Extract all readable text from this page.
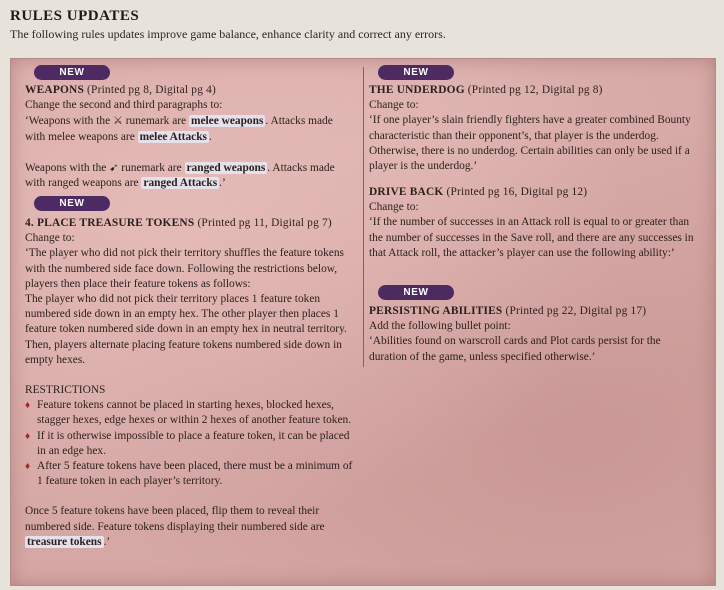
RULES UPDATES
The following rules updates improve game balance, enhance clarity and correct any errors.
NEW

WEAPONS (Printed pg 8, Digital pg 4)

Change the second and third paragraphs to:

‘Weapons with the ⚔ runemark are melee weapons . Attacks made with melee weapons are melee Attacks .

Weapons with the ➹ runemark are ranged weapons . Attacks made with ranged weapons are ranged Attacks .’

NEW

4. PLACE TREASURE TOKENS (Printed pg 11, Digital pg 7)

Change to:

‘The player who did not pick their territory shuffles the feature tokens with the numbered side face down. Following the restrictions below, players then place their feature tokens as follows:

The player who did not pick their territory places 1 feature token numbered side down in an empty hex. The other player then places 1 feature token numbered side down in an empty hex in neutral territory. Then, players alternate placing feature tokens numbered side down in empty hexes.

RESTRICTIONS

♦ Feature tokens cannot be placed in starting hexes, blocked hexes, stagger hexes, edge hexes or within 2 hexes of another feature token.
♦ If it is otherwise impossible to place a feature token, it can be placed in an edge hex.
♦ After 5 feature tokens have been placed, there must be a minimum of 1 feature token in each player’s territory.

Once 5 feature tokens have been placed, flip them to reveal their numbered side. Feature tokens displaying their numbered side are treasure tokens .’

NEW

THE UNDERDOG (Printed pg 12, Digital pg 8)

Change to:

‘If one player’s slain friendly fighters have a greater combined Bounty characteristic than their opponent’s, that player is the underdog. Otherwise, there is no underdog. Certain abilities can only be used if a player is the underdog.’

DRIVE BACK (Printed pg 16, Digital pg 12)

Change to:

‘If the number of successes in an Attack roll is equal to or greater than the number of successes in the Save roll, and there are any successes in that Attack roll, the attacker’s player can use the following ability:’

NEW

PERSISTING ABILITIES (Printed pg 22, Digital pg 17)

Add the following bullet point:

‘Abilities found on warscroll cards and Plot cards persist for the duration of the game, unless specified otherwise.’
